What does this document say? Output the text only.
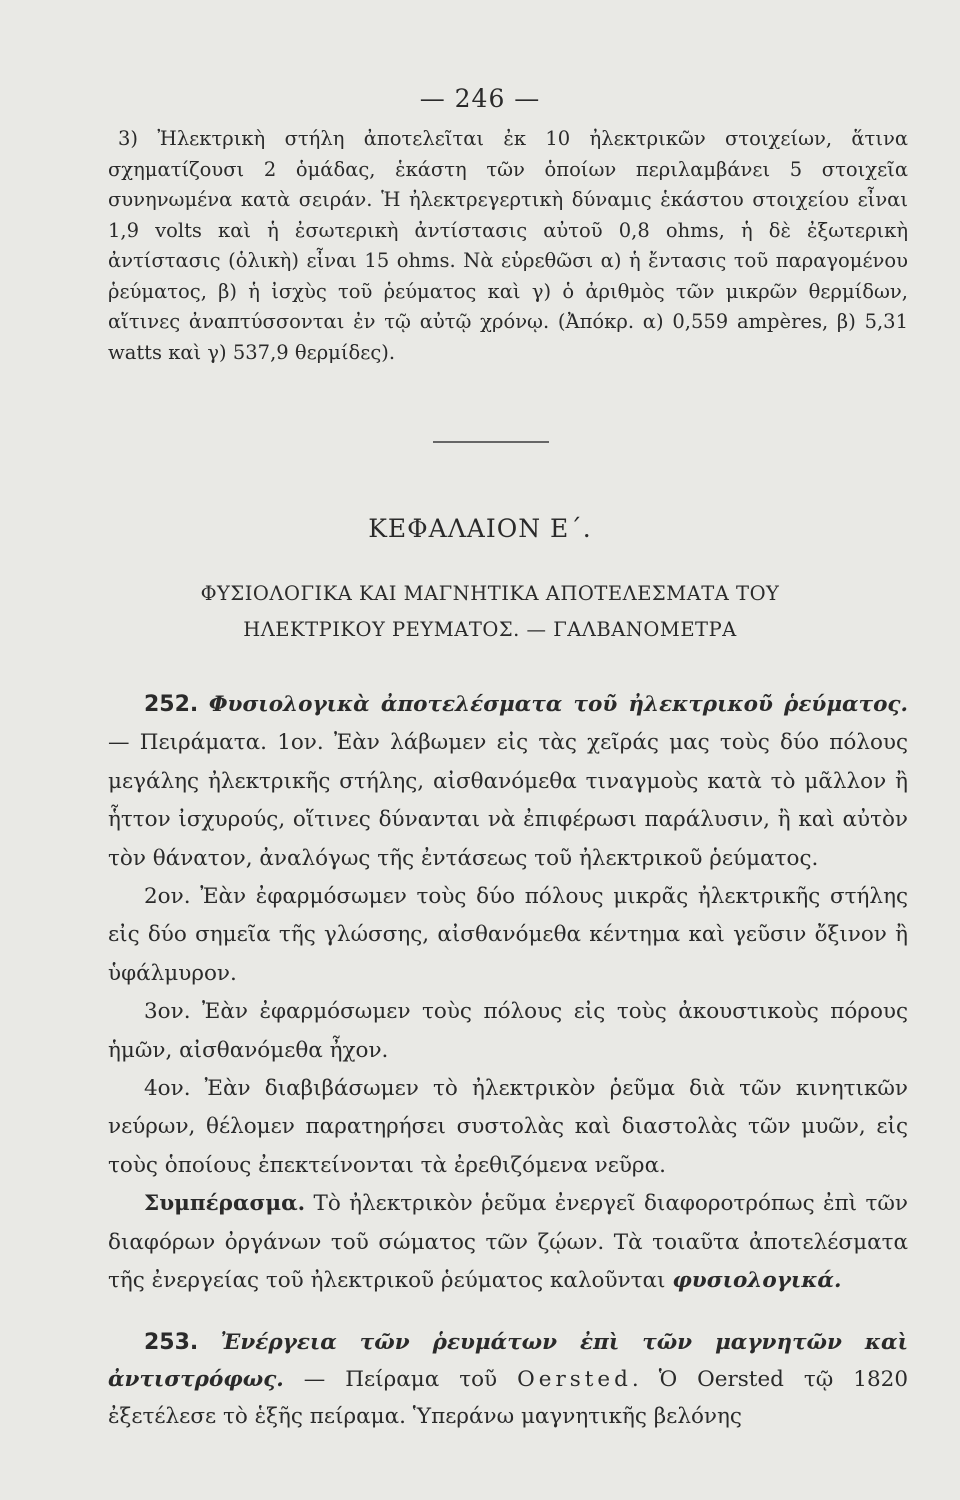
— 246 —

3) Ἠλεκτρικὴ στήλη ἀποτελεῖται ἐκ 10 ἠλεκτρικῶν στοιχείων, ἅτινα σχηματίζουσι 2 ὁμάδας, ἑκάστη τῶν ὁποίων περιλαμβάνει 5 στοιχεῖα συνηνωμένα κατὰ σειράν. Ἡ ἠλεκτρεγερτικὴ δύναμις ἑκάστου στοιχείου εἶναι 1,9 volts καὶ ἡ ἐσωτερικὴ ἀντίστασις αὐτοῦ 0,8 ohms, ἡ δὲ ἐξωτερικὴ ἀντίστασις (ὁλικὴ) εἶναι 15 ohms. Νὰ εὑρεθῶσι α) ἡ ἔντασις τοῦ παραγομένου ῥεύματος, β) ἡ ἰσχὺς τοῦ ῥεύματος καὶ γ) ὁ ἀριθμὸς τῶν μικρῶν θερμίδων, αἵτινες ἀναπτύσσονται ἐν τῷ αὐτῷ χρόνῳ. (Ἀπόκρ. α) 0,559 ampères, β) 5,31 watts καὶ γ) 537,9 θερμίδες).

ΚΕΦΑΛΑΙΟΝ Ε΄.
ΦΥΣΙΟΛΟΓΙΚΑ ΚΑΙ ΜΑΓΝΗΤΙΚΑ ΑΠΟΤΕΛΕΣΜΑΤΑ ΤΟΥ
ΗΛΕΚΤΡΙΚΟΥ ΡΕΥΜΑΤΟΣ. — ΓΑΛΒΑΝΟΜΕΤΡΑ

252. Φυσιολογικὰ ἀποτελέσματα τοῦ ἠλεκτρικοῦ ῥεύματος. — Πειράματα. 1ον. Ἐὰν λάβωμεν εἰς τὰς χεῖράς μας τοὺς δύο πόλους μεγάλης ἠλεκτρικῆς στήλης, αἰσθανόμεθα τιναγμοὺς κατὰ τὸ μᾶλλον ἢ ἧττον ἰσχυρούς, οἵτινες δύνανται νὰ ἐπιφέρωσι παράλυσιν, ἢ καὶ αὐτὸν τὸν θάνατον, ἀναλόγως τῆς ἐντάσεως τοῦ ἠλεκτρικοῦ ῥεύματος.

2ον. Ἐὰν ἐφαρμόσωμεν τοὺς δύο πόλους μικρᾶς ἠλεκτρικῆς στήλης εἰς δύο σημεῖα τῆς γλώσσης, αἰσθανόμεθα κέντημα καὶ γεῦσιν ὄξινον ἢ ὑφάλμυρον.

3ον. Ἐὰν ἐφαρμόσωμεν τοὺς πόλους εἰς τοὺς ἀκουστικοὺς πόρους ἡμῶν, αἰσθανόμεθα ἦχον.

4ον. Ἐὰν διαβιβάσωμεν τὸ ἠλεκτρικὸν ῥεῦμα διὰ τῶν κινητικῶν νεύρων, θέλομεν παρατηρήσει συστολὰς καὶ διαστολὰς τῶν μυῶν, εἰς τοὺς ὁποίους ἐπεκτείνονται τὰ ἐρεθιζόμενα νεῦρα.

Συμπέρασμα. Τὸ ἠλεκτρικὸν ῥεῦμα ἐνεργεῖ διαφοροτρόπως ἐπὶ τῶν διαφόρων ὀργάνων τοῦ σώματος τῶν ζῴων. Τὰ τοιαῦτα ἀποτελέσματα τῆς ἐνεργείας τοῦ ἠλεκτρικοῦ ῥεύματος καλοῦνται φυσιολογικά.

253. Ἐνέργεια τῶν ῥευμάτων ἐπὶ τῶν μαγνητῶν καὶ ἀντιστρόφως. — Πείραμα τοῦ Oersted. Ὁ Oersted τῷ 1820 ἐξετέλεσε τὸ ἑξῆς πείραμα. Ὑπεράνω μαγνητικῆς βελόνης
